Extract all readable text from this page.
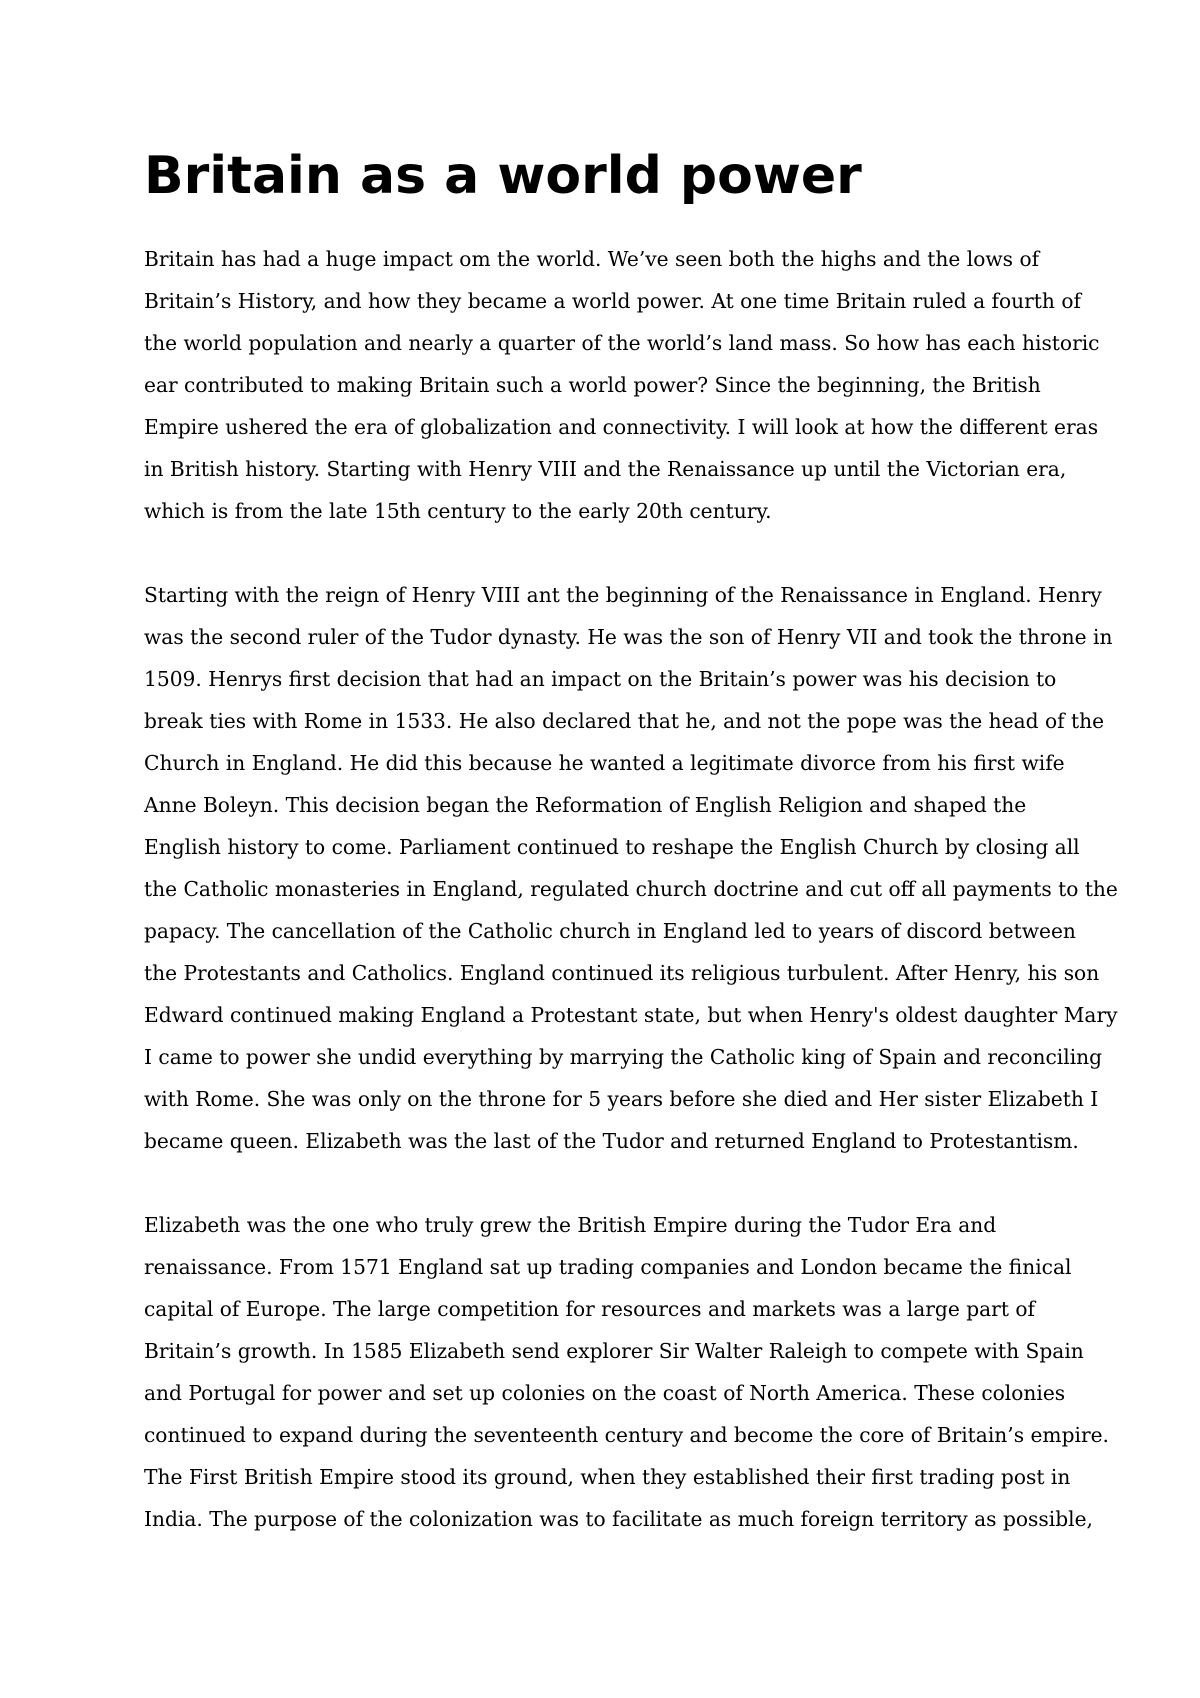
Britain as a world power
Britain has had a huge impact om the world. We’ve seen both the highs and the lows of
Britain’s History, and how they became a world power. At one time Britain ruled a fourth of
the world population and nearly a quarter of the world’s land mass. So how has each historic
ear contributed to making Britain such a world power? Since the beginning, the British
Empire ushered the era of globalization and connectivity. I will look at how the different eras
in British history. Starting with Henry VIII and the Renaissance up until the Victorian era,
which is from the late 15th century to the early 20th century.
Starting with the reign of Henry VIII ant the beginning of the Renaissance in England. Henry
was the second ruler of the Tudor dynasty. He was the son of Henry VII and took the throne in
1509. Henrys first decision that had an impact on the Britain’s power was his decision to
break ties with Rome in 1533. He also declared that he, and not the pope was the head of the
Church in England. He did this because he wanted a legitimate divorce from his first wife
Anne Boleyn. This decision began the Reformation of English Religion and shaped the
English history to come. Parliament continued to reshape the English Church by closing all
the Catholic monasteries in England, regulated church doctrine and cut off all payments to the
papacy. The cancellation of the Catholic church in England led to years of discord between
the Protestants and Catholics. England continued its religious turbulent. After Henry, his son
Edward continued making England a Protestant state, but when Henry's oldest daughter Mary
I came to power she undid everything by marrying the Catholic king of Spain and reconciling
with Rome. She was only on the throne for 5 years before she died and Her sister Elizabeth I
became queen. Elizabeth was the last of the Tudor and returned England to Protestantism.
Elizabeth was the one who truly grew the British Empire during the Tudor Era and
renaissance. From 1571 England sat up trading companies and London became the finical
capital of Europe. The large competition for resources and markets was a large part of
Britain’s growth. In 1585 Elizabeth send explorer Sir Walter Raleigh to compete with Spain
and Portugal for power and set up colonies on the coast of North America. These colonies
continued to expand during the seventeenth century and become the core of Britain’s empire.
The First British Empire stood its ground, when they established their first trading post in
India. The purpose of the colonization was to facilitate as much foreign territory as possible,
